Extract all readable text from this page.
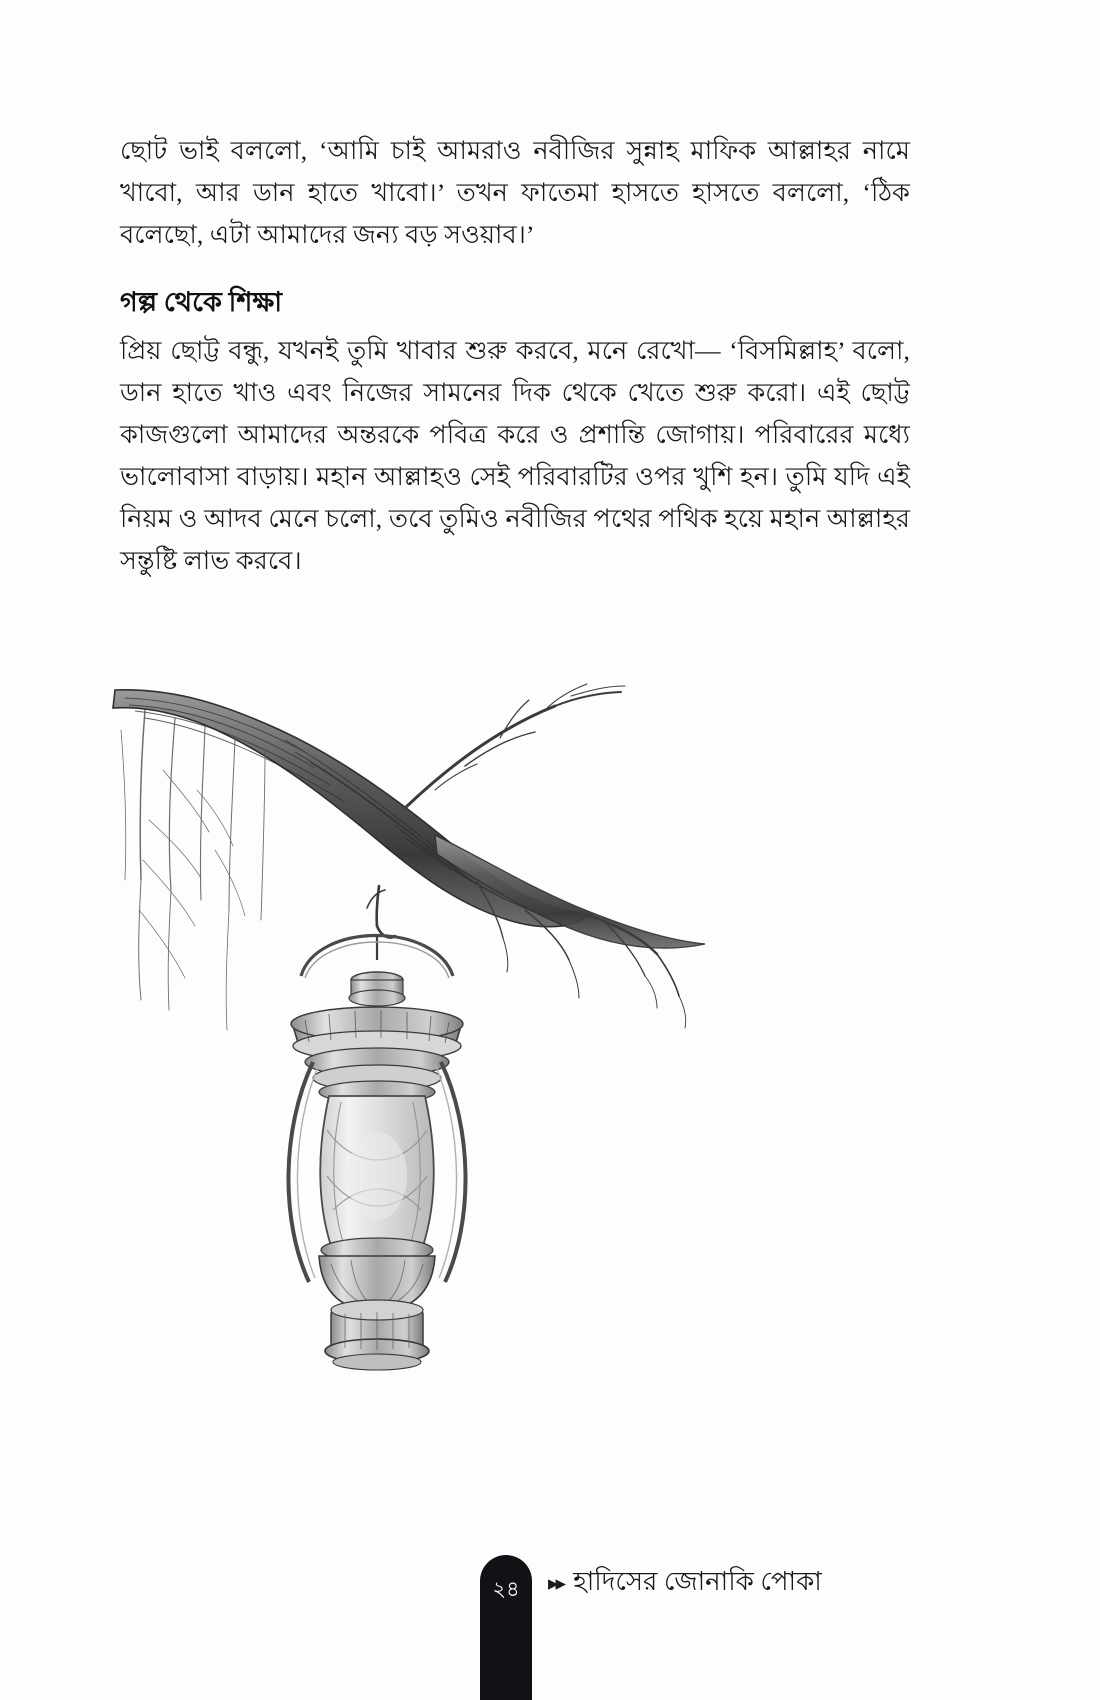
ছোট ভাই বললো, ‘আমি চাই আমরাও নবীজির সুন্নাহ মাফিক আল্লাহর নামে খাবো, আর ডান হাতে খাবো।’ তখন ফাতেমা হাসতে হাসতে বললো, ‘ঠিক বলেছো, এটা আমাদের জন্য বড় সওয়াব।’

গল্প থেকে শিক্ষা

প্রিয় ছোট্ট বন্ধু, যখনই তুমি খাবার শুরু করবে, মনে রেখো— ‘বিসমিল্লাহ’ বলো, ডান হাতে খাও এবং নিজের সামনের দিক থেকে খেতে শুরু করো। এই ছোট্ট কাজগুলো আমাদের অন্তরকে পবিত্র করে ও প্রশান্তি জোগায়। পরিবারের মধ্যে ভালোবাসা বাড়ায়। মহান আল্লাহও সেই পরিবারটির ওপর খুশি হন। তুমি যদি এই নিয়ম ও আদব মেনে চলো, তবে তুমিও নবীজির পথের পথিক হয়ে মহান আল্লাহর সন্তুষ্টি লাভ করবে।

২৪	▸▸ হাদিসের জোনাকি পোকা
